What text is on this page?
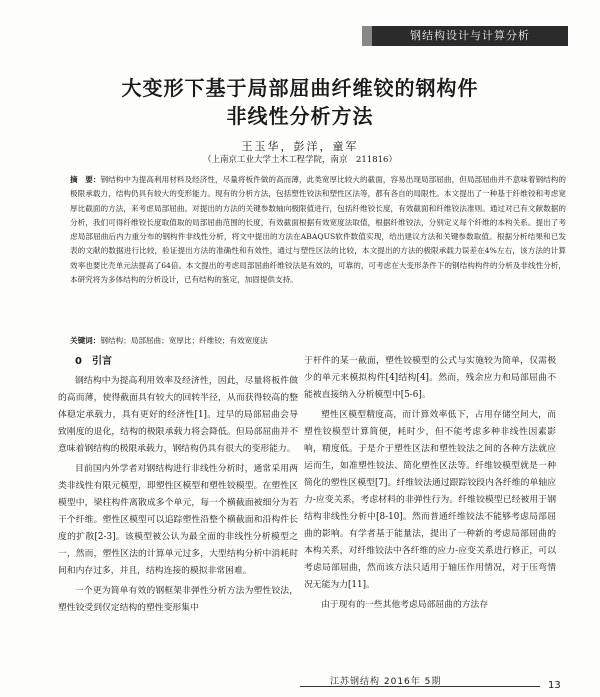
钢结构设计与计算分析
大变形下基于局部屈曲纤维铰的钢构件
非线性分析方法
王玉华，彭洋，童军
（上南京工业大学土木工程学院，南京　211816）
摘　要：钢结构中为提高利用材料及经济性，尽量将板件做的高而薄，此类宽厚比较大的截面，容易出现局部屈曲，但局部屈曲并不意味着钢结构的极限承载力，结构仍具有较大的变形能力。现有的分析方法，包括塑性铰法和塑性区法等，都有各自的局限性。本文提出了一种基于纤维铰和考虑宽厚比截面的方法，来考虑局部屈曲。对提出的方法的关键参数轴向极限值进行，包括纤维铰长度，有效截面和纤维铰法准则。通过对已有文献数据的分析，我们可得纤维铰长度取值取的局部屈曲范围的长度，有效截面根据有效宽度法取值，根据纤维铰法，分别定义每个纤维的本构关系。提出了考虑局部屈曲后内力重分布的钢构件非线性分析，将文中提出的方法在ABAQUS软件数值实现，给出建议方法和关键参数取值。根据分析结果和已发表的文献的数据进行比较，验证提出方法的准确性和有效性，通过与塑性区法的比较，本文提出的方法的极限承载力误差在4%左右，该方法的计算效率也要比壳单元法提高了64倍。本文提出的考虑局部屈曲纤维铰法是有效的，可靠的，可考虑在大变形条件下的钢结构构件的分析及非线性分析，本研究将为多体结构的分析设计，已有结构的鉴定，加固提供支持。
关键词：钢结构；局部屈曲；宽厚比；纤维铰；有效宽度法

0　引言

钢结构中为提高利用效率及经济性，因此，尽量将板件做的高而薄，使得截面具有较大的回转半径，从而获得较高的整体稳定承载力，具有更好的经济性[1]。过早的局部屈曲会导致刚度的退化，结构的极限承载力将会降低。但局部屈曲并不意味着钢结构的极限承载力，钢结构仍具有很大的变形能力。

目前国内外学者对钢结构进行非线性分析时，通常采用两类非线性有限元模型，即塑性区模型和塑性铰模型。在塑性区模型中，梁柱构件离散成多个单元，每一个横截面被细分为若干个纤维。塑性区模型可以追踪塑性沿整个横截面和沿构件长度的扩散[2-3]。该模型被公认为最全面的非线性分析模型之一，然而，塑性区法的计算单元过多，大型结构分析中消耗时间和内存过多，并且，结构连接的模拟非常困难。

一个更为简单有效的钢框架非弹性分析方法为塑性铰法，塑性铰受到仅定结构的塑性变形集中

于杆件的某一截面，塑性铰模型的公式与实施较为简单，仅需极少的单元来模拟构件[4]结构[4]。然而，残余应力和局部屈曲不能被直接纳入分析模型中[5-6]。

塑性区模型精度高，而计算效率低下，占用存储空间大，而塑性铰模型计算简便，耗时少，但不能考虑多种非线性因素影响，精度低。于是介于塑性区法和塑性铰法之间的各种方法就应运而生，如准塑性铰法、简化塑性区法等。纤维铰模型就是一种简化的塑性区模型[7]。纤维铰法通过跟踪铰段内各纤维的单轴应力-应变关系，考虑材料的非弹性行为。纤维铰模型已经被用于钢结构非线性分析中[8-10]。然而普通纤维铰法不能够考虑局部屈曲的影响。有学者基于能量法，提出了一种新的考虑局部屈曲的本构关系，对纤维铰法中各纤维的应力-应变关系进行修正，可以考虑局部屈曲，然而该方法只适用于轴压作用情况，对于压弯情况无能为力[11]。

由于现有的一些其他考虑局部屈曲的方法存

江苏钢结构 2016年 5期	13
